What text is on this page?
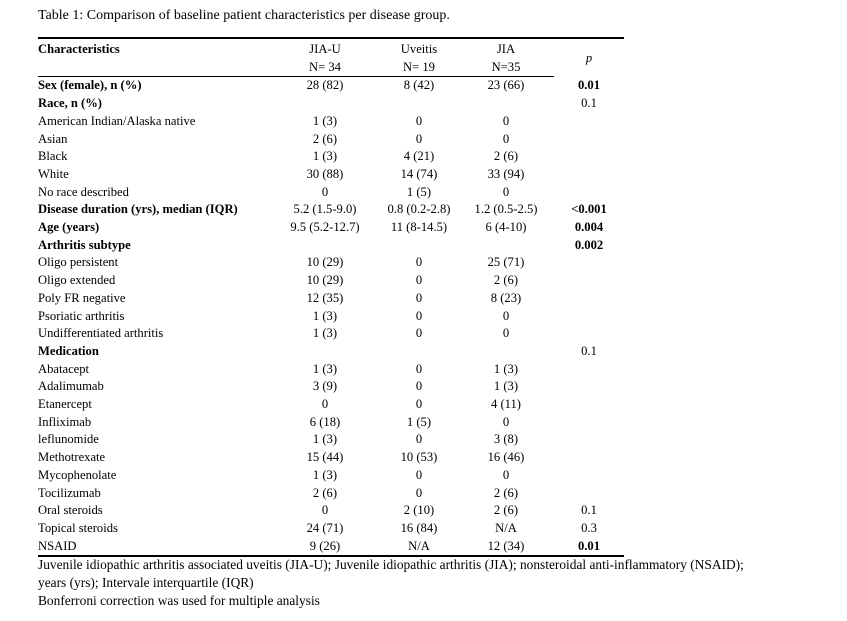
Table 1: Comparison of baseline patient characteristics per disease group.
Characteristics	JIA-U	Uveitis	JIA	p
	N= 34	N= 19	N=35	
Sex (female), n (%)	28 (82)	8 (42)	23 (66)	0.01
Race, n (%)				0.1
American Indian/Alaska native	1 (3)	0	0	
Asian	2 (6)	0	0	
Black	1 (3)	4 (21)	2 (6)	
White	30 (88)	14 (74)	33 (94)	
No race described	0	1 (5)	0	
Disease duration (yrs), median (IQR)	5.2 (1.5-9.0)	0.8 (0.2-2.8)	1.2 (0.5-2.5)	<0.001
Age (years)	9.5 (5.2-12.7)	11 (8-14.5)	6 (4-10)	0.004
Arthritis subtype				0.002
Oligo persistent	10 (29)	0	25 (71)	
Oligo extended	10 (29)	0	2 (6)	
Poly FR negative	12 (35)	0	8 (23)	
Psoriatic arthritis	1 (3)	0	0	
Undifferentiated arthritis	1 (3)	0	0	
Medication				0.1
Abatacept	1 (3)	0	1 (3)	
Adalimumab	3 (9)	0	1 (3)	
Etanercept	0	0	4 (11)	
Infliximab	6 (18)	1 (5)	0	
leflunomide	1 (3)	0	3 (8)	
Methotrexate	15 (44)	10 (53)	16 (46)	
Mycophenolate	1 (3)	0	0	
Tocilizumab	2 (6)	0	2 (6)	
Oral steroids	0	2 (10)	2 (6)	0.1
Topical steroids	24 (71)	16 (84)	N/A	0.3
NSAID	9 (26)	N/A	12 (34)	0.01
Juvenile idiopathic arthritis associated uveitis (JIA-U); Juvenile idiopathic arthritis (JIA); nonsteroidal anti-inflammatory (NSAID);
years (yrs); Intervale interquartile (IQR)
Bonferroni correction was used for multiple analysis
